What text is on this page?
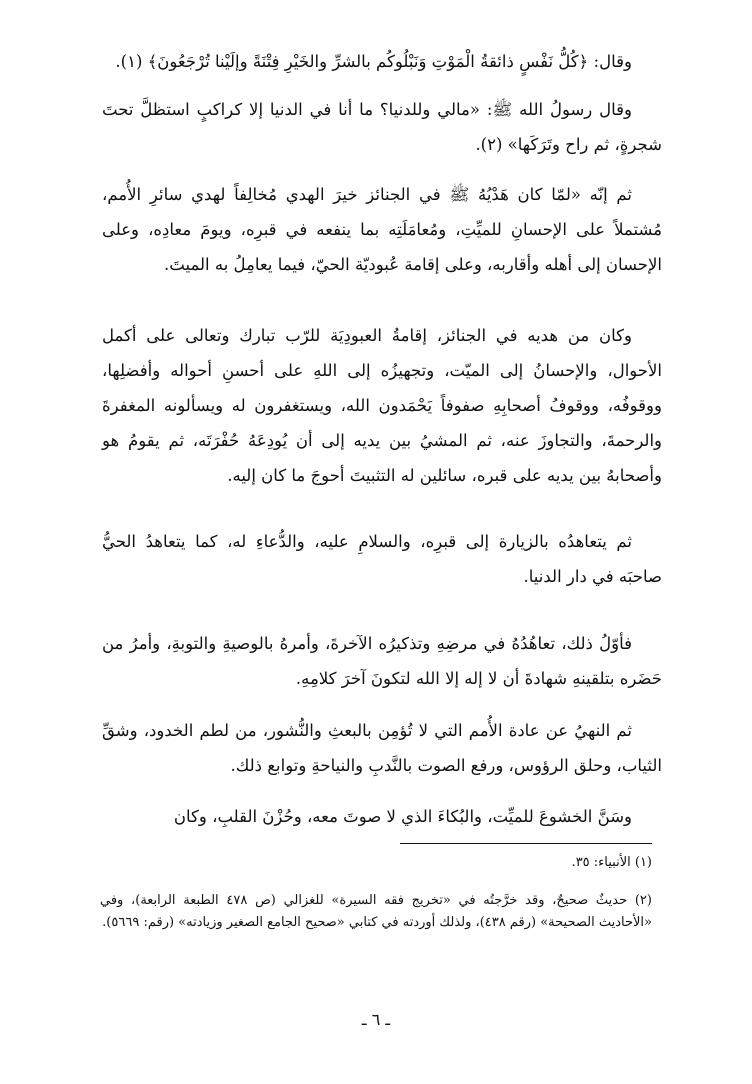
وقال: ﴿كُلُّ نَفْسٍ ذائقةُ الْمَوْتِ وَنَبْلُوكُم بالشرِّ والخَيْرِ فِتْنَةً وإلَيْنا تُرْجَعُونَ﴾ (١).

وقال رسولُ الله ﷺ: «مالي وللدنيا؟ ما أنا في الدنيا إلا كراكبٍ استظلَّ تحتَ شجرةٍ، ثم راح وتَرَكَها» (٢).

ثم إنّه «لمّا كان هَدْيُهُ ﷺ في الجنائز خيرَ الهدي مُخالِفاً لهدي سائرِ الأُمم، مُشتملاً على الإحسانِ للميِّتِ، ومُعامَلَتِه بما ينفعه في قبرِه، ويومَ معادِه، وعلى الإحسان إلى أهله وأقاربه، وعلى إقامة عُبوديّة الحيّ، فيما يعامِلُ به الميتَ.

وكان من هديه في الجنائز، إقامةُ العبودِيَة للرّب تبارك وتعالى على أكمل الأحوال، والإحسانُ إلى الميّت، وتجهيزُه إلى اللهِ على أحسنِ أحواله وأفضلِها، ووقوفُه، ووقوفُ أصحابِهِ صفوفاً يَحْمَدون الله، ويستغفرون له ويسألونه المغفرةَ والرحمةَ، والتجاوزَ عنه، ثم المشيُ بين يديه إلى أن يُودِعَهُ حُفْرَتَه، ثم يقومُ هو وأصحابهُ بين يديه على قبره، سائلين له التثبيتَ أحوجَ ما كان إليه.

ثم يتعاهدُه بالزيارة إلى قبرِه، والسلامِ عليه، والدُّعاءِ له، كما يتعاهدُ الحيُّ صاحبَه في دار الدنيا.

فأوّلُ ذلك، تعاهُدُهُ في مرضِهِ وتذكيرُه الآخرةَ، وأمرهُ بالوصيةِ والتوبةِ، وأمرُ من حَضَره بتلقينهِ شهادةَ أن لا إله إلا الله لتكونَ آخرَ كلامِهِ.

ثم النهيُ عن عادة الأُمم التي لا تُؤمِن بالبعثِ والنُّشور، من لطم الخدود، وشقِّ الثياب، وحلق الرؤوس، ورفع الصوت بالنَّدبِ والنياحةِ وتوابع ذلك.

وسَنَّ الخشوعَ للميِّت، والبُكاءَ الذي لا صوتَ معه، وحُزْنَ القلبِ، وكان

(١) الأنبياء: ٣٥.

(٢) حديثٌ صحيحٌ، وقد خرَّجتُه في «تخريج فقه السيرة» للغزالي (ص ٤٧٨ الطبعة الرابعة)، وفي «الأحاديث الصحيحة» (رقم ٤٣٨)، ولذلك أوردته في كتابي «صحيح الجامع الصغير وزيادته» (رقم: ٥٦٦٩).

ـ ٦ ـ
